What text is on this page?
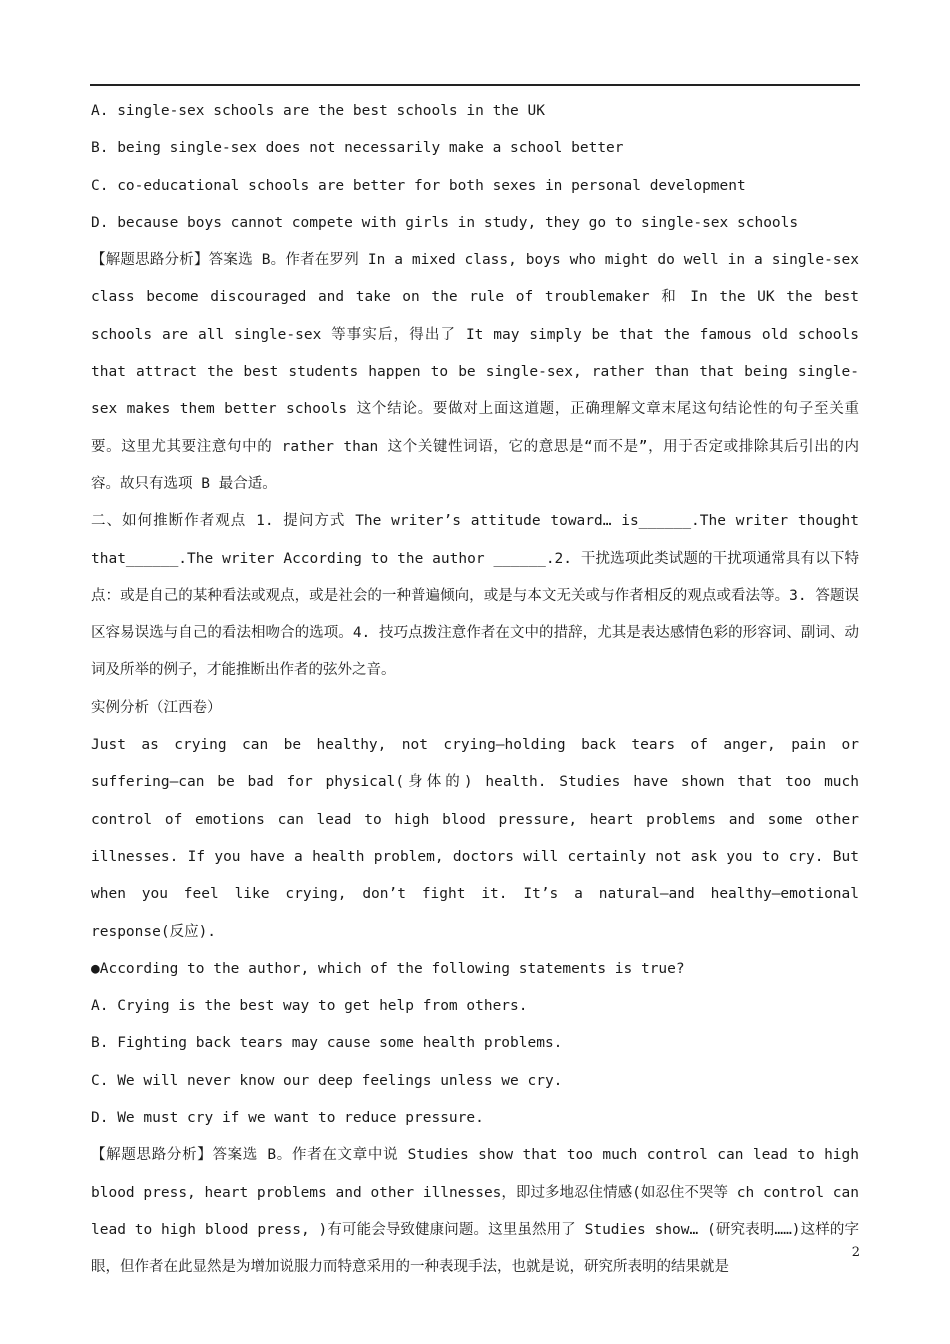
A. single-sex schools are the best schools in the UK

B. being single-sex does not necessarily make a school better

C. co-educational schools are better for both sexes in personal development

D. because boys cannot compete with girls in study, they go to single-sex schools

【解题思路分析】答案选 B。作者在罗列 In a mixed class, boys who might do well in a single-sex class become discouraged and take on the rule of troublemaker 和 In the UK the best schools are all single-sex 等事实后，得出了 It may simply be that the famous old schools that attract the best students happen to be single-sex, rather than that being single-sex makes them better schools 这个结论。要做对上面这道题，正确理解文章末尾这句结论性的句子至关重要。这里尤其要注意句中的 rather than 这个关键性词语，它的意思是“而不是”，用于否定或排除其后引出的内容。故只有选项 B 最合适。

二、如何推断作者观点 1. 提问方式 The writer’s attitude toward… is______.The writer thought that______.The writer According to the author ______.2. 干扰选项此类试题的干扰项通常具有以下特点：或是自己的某种看法或观点，或是社会的一种普遍倾向，或是与本文无关或与作者相反的观点或看法等。3. 答题误区容易误选与自己的看法相吻合的选项。4. 技巧点拨注意作者在文中的措辞，尤其是表达感情色彩的形容词、副词、动词及所举的例子，才能推断出作者的弦外之音。

实例分析（江西卷）

Just as crying can be healthy, not crying—holding back tears of anger, pain or suffering—can be bad for physical(身体的) health. Studies have shown that too much control of emotions can lead to high blood pressure, heart problems and some other illnesses. If you have a health problem, doctors will certainly not ask you to cry. But when you feel like crying, don’t fight it. It’s a natural—and healthy—emotional response(反应).

●According to the author, which of the following statements is true?

A. Crying is the best way to get help from others.

B. Fighting back tears may cause some health problems.

C. We will never know our deep feelings unless we cry.

D. We must cry if we want to reduce pressure.

【解题思路分析】答案选 B。作者在文章中说 Studies show that too much control can lead to high blood press, heart problems and other illnesses，即过多地忍住情感(如忍住不哭等 ch control can lead to high blood press, )有可能会导致健康问题。这里虽然用了 Studies show… (研究表明……)这样的字眼，但作者在此显然是为增加说服力而特意采用的一种表现手法，也就是说，研究所表明的结果就是

2
